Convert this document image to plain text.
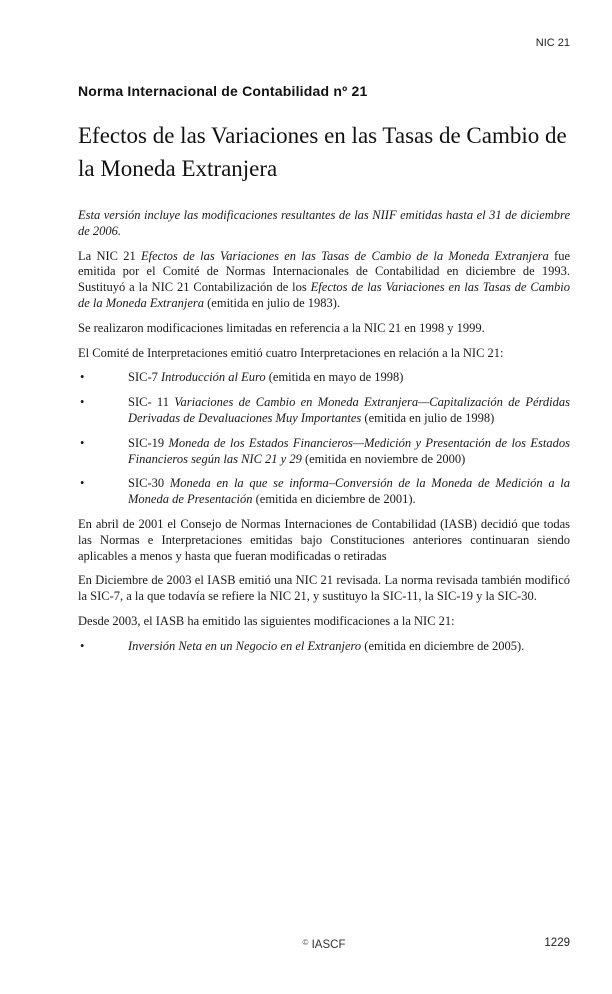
NIC 21
Norma Internacional de Contabilidad nº 21
Efectos de las Variaciones en las Tasas de Cambio de la Moneda Extranjera
Esta versión incluye las modificaciones resultantes de las NIIF emitidas hasta el 31 de diciembre de 2006.
La NIC 21 Efectos de las Variaciones en las Tasas de Cambio de la Moneda Extranjera fue emitida por el Comité de Normas Internacionales de Contabilidad en diciembre de 1993. Sustituyó a la NIC 21 Contabilización de los Efectos de las Variaciones en las Tasas de Cambio de la Moneda Extranjera (emitida en julio de 1983).
Se realizaron modificaciones limitadas en referencia a la NIC 21 en 1998 y 1999.
El Comité de Interpretaciones emitió cuatro Interpretaciones en relación a la NIC 21:
•	SIC-7 Introducción al Euro (emitida en mayo de 1998)
•	SIC- 11 Variaciones de Cambio en Moneda Extranjera—Capitalización de Pérdidas Derivadas de Devaluaciones Muy Importantes (emitida en julio de 1998)
•	SIC-19 Moneda de los Estados Financieros—Medición y Presentación de los Estados Financieros según las NIC 21 y 29 (emitida en noviembre de 2000)
•	SIC-30 Moneda en la que se informa–Conversión de la Moneda de Medición a la Moneda de Presentación (emitida en diciembre de 2001).
En abril de 2001 el Consejo de Normas Internaciones de Contabilidad (IASB) decidió que todas las Normas e Interpretaciones emitidas bajo Constituciones anteriores continuaran siendo aplicables a menos y hasta que fueran modificadas o retiradas
En Diciembre de 2003 el IASB emitió una NIC 21 revisada. La norma revisada también modificó la SIC-7, a la que todavía se refiere la NIC 21, y sustituyo la SIC-11, la SIC-19 y la SIC-30.
Desde 2003, el IASB ha emitido las siguientes modificaciones a la NIC 21:
•	Inversión Neta en un Negocio en el Extranjero (emitida en diciembre de 2005).
© IASCF	1229
